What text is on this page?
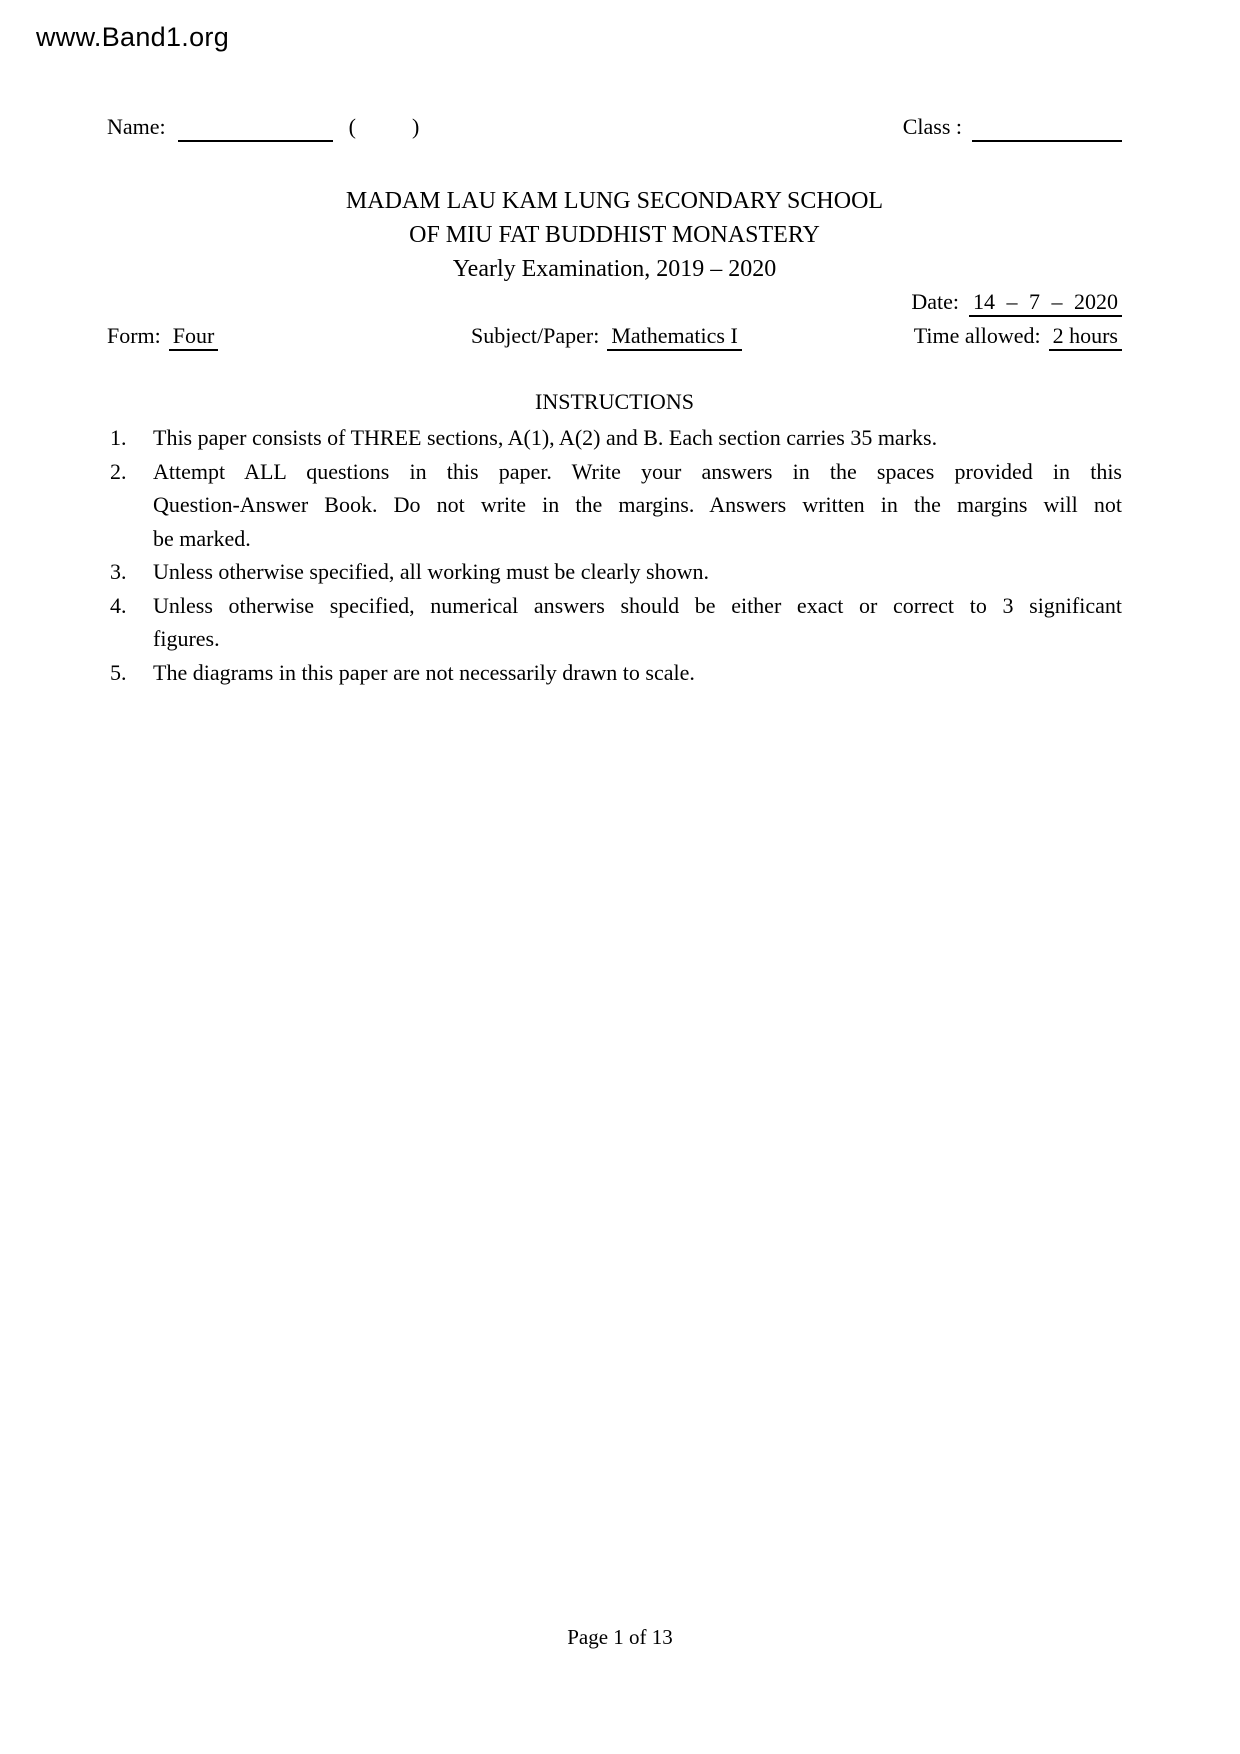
www.Band1.org
Name:	(	)	Class :
MADAM LAU KAM LUNG SECONDARY SCHOOL
OF MIU FAT BUDDHIST MONASTERY
Yearly Examination, 2019 – 2020
Date: 14 – 7 – 2020
Form: Four	Subject/Paper: Mathematics I	Time allowed: 2 hours
INSTRUCTIONS
1.	This paper consists of THREE sections, A(1), A(2) and B. Each section carries 35 marks.
2.	Attempt ALL questions in this paper. Write your answers in the spaces provided in this
Question-Answer Book. Do not write in the margins. Answers written in the margins will not
be marked.
3.	Unless otherwise specified, all working must be clearly shown.
4.	Unless otherwise specified, numerical answers should be either exact or correct to 3 significant
figures.
5.	The diagrams in this paper are not necessarily drawn to scale.
Page 1 of 13
